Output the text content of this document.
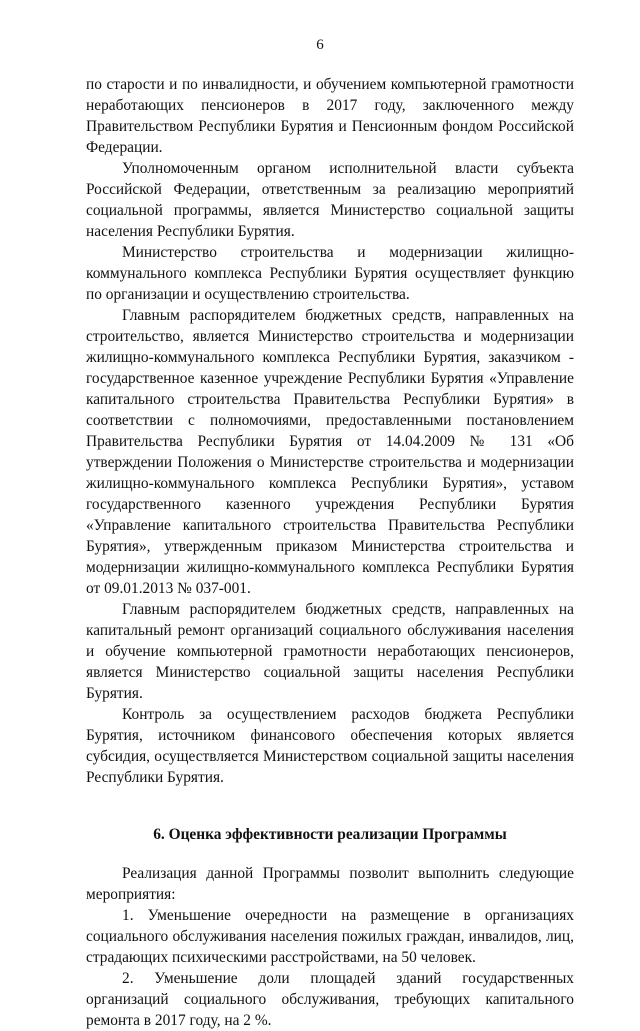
6

по старости и по инвалидности, и обучением компьютерной грамотности неработающих пенсионеров в 2017 году, заключенного между Правительством Республики Бурятия и Пенсионным фондом Российской Федерации.

Уполномоченным органом исполнительной власти субъекта Российской Федерации, ответственным за реализацию мероприятий социальной программы, является Министерство социальной защиты населения Республики Бурятия.

Министерство строительства и модернизации жилищно-коммунального комплекса Республики Бурятия осуществляет функцию по организации и осуществлению строительства.

Главным распорядителем бюджетных средств, направленных на строительство, является Министерство строительства и модернизации жилищно-коммунального комплекса Республики Бурятия, заказчиком - государственное казенное учреждение Республики Бурятия «Управление капитального строительства Правительства Республики Бурятия» в соответствии с полномочиями, предоставленными постановлением Правительства Республики Бурятия от 14.04.2009 № 131 «Об утверждении Положения о Министерстве строительства и модернизации жилищно-коммунального комплекса Республики Бурятия», уставом государственного казенного учреждения Республики Бурятия «Управление капитального строительства Правительства Республики Бурятия», утвержденным приказом Министерства строительства и модернизации жилищно-коммунального комплекса Республики Бурятия от 09.01.2013 № 037-001.

Главным распорядителем бюджетных средств, направленных на капитальный ремонт организаций социального обслуживания населения и обучение компьютерной грамотности неработающих пенсионеров, является Министерство социальной защиты населения Республики Бурятия.

Контроль за осуществлением расходов бюджета Республики Бурятия, источником финансового обеспечения которых является субсидия, осуществляется Министерством социальной защиты населения Республики Бурятия.

6. Оценка эффективности реализации Программы

Реализация данной Программы позволит выполнить следующие мероприятия:

1. Уменьшение очередности на размещение в организациях социального обслуживания населения пожилых граждан, инвалидов, лиц, страдающих психическими расстройствами, на 50 человек.

2. Уменьшение доли площадей зданий государственных организаций социального обслуживания, требующих капитального ремонта в 2017 году, на 2 %.
